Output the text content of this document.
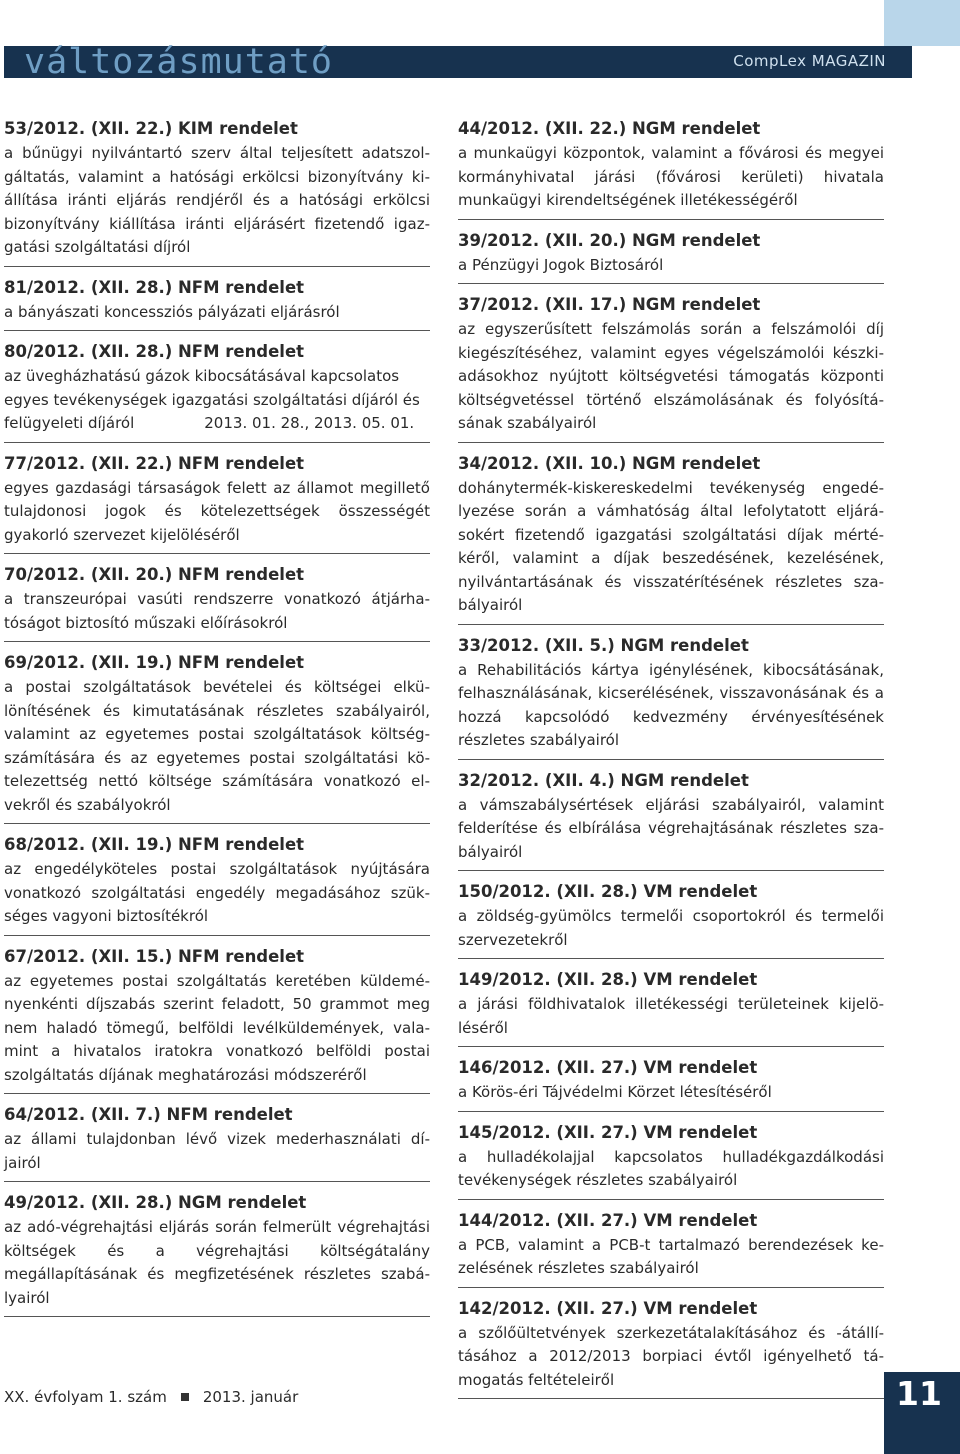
változásmutató	CompLex MAGAZIN

53/2012. (XII. 22.) KIM rendelet

a bűnügyi nyilvántartó szerv által teljesített adatszolgáltatás, valamint a hatósági erkölcsi bizonyítvány kiállítása iránti eljárás rendjéről és a hatósági erkölcsi bizonyítvány kiállítása iránti eljárásért fizetendő igazgatási szolgáltatási díjról

81/2012. (XII. 28.) NFM rendelet

a bányászati koncessziós pályázati eljárásról

80/2012. (XII. 28.) NFM rendelet

az üvegházhatású gázok kibocsátásával kapcsolatos egyes tevékenységek igazgatási szolgáltatási díjáról és felügyeleti díjáról	2013. 01. 28., 2013. 05. 01.

77/2012. (XII. 22.) NFM rendelet

egyes gazdasági társaságok felett az államot megillető tulajdonosi jogok és kötelezettségek összességét gyakorló szervezet kijelöléséről

70/2012. (XII. 20.) NFM rendelet

a transzeurópai vasúti rendszerre vonatkozó átjárhatóságot biztosító műszaki előírásokról

69/2012. (XII. 19.) NFM rendelet

a postai szolgáltatások bevételei és költségei elkülönítésének és kimutatásának részletes szabályairól, valamint az egyetemes postai szolgáltatások költségszámítására és az egyetemes postai szolgáltatási kötelezettség nettó költsége számítására vonatkozó elvekről és szabályokról

68/2012. (XII. 19.) NFM rendelet

az engedélyköteles postai szolgáltatások nyújtására vonatkozó szolgáltatási engedély megadásához szükséges vagyoni biztosítékról

67/2012. (XII. 15.) NFM rendelet

az egyetemes postai szolgáltatás keretében küldeményenkénti díjszabás szerint feladott, 50 grammot meg nem haladó tömegű, belföldi levélküldemények, valamint a hivatalos iratokra vonatkozó belföldi postai szolgáltatás díjának meghatározási módszeréről

64/2012. (XII. 7.) NFM rendelet

az állami tulajdonban lévő vizek mederhasználati díjairól

49/2012. (XII. 28.) NGM rendelet

az adó-végrehajtási eljárás során felmerült végrehajtási költségek és a végrehajtási költségátalány megállapításának és megfizetésének részletes szabályairól

44/2012. (XII. 22.) NGM rendelet

a munkaügyi központok, valamint a fővárosi és megyei kormányhivatal járási (fővárosi kerületi) hivatala munkaügyi kirendeltségének illetékességéről

39/2012. (XII. 20.) NGM rendelet

a Pénzügyi Jogok Biztosáról

37/2012. (XII. 17.) NGM rendelet

az egyszerűsített felszámolás során a felszámolói díj kiegészítéséhez, valamint egyes végelszámolói készkiadásokhoz nyújtott költségvetési támogatás központi költségvetéssel történő elszámolásának és folyósításának szabályairól

34/2012. (XII. 10.) NGM rendelet

dohánytermék-kiskereskedelmi tevékenység engedélyezése során a vámhatóság által lefolytatott eljárásokért fizetendő igazgatási szolgáltatási díjak mértékéről, valamint a díjak beszedésének, kezelésének, nyilvántartásának és visszatérítésének részletes szabályairól

33/2012. (XII. 5.) NGM rendelet

a Rehabilitációs kártya igénylésének, kibocsátásának, felhasználásának, kicserélésének, visszavonásának és a hozzá kapcsolódó kedvezmény érvényesítésének részletes szabályairól

32/2012. (XII. 4.) NGM rendelet

a vámszabálysértések eljárási szabályairól, valamint felderítése és elbírálása végrehajtásának részletes szabályairól

150/2012. (XII. 28.) VM rendelet

a zöldség-gyümölcs termelői csoportokról és termelői szervezetekről

149/2012. (XII. 28.) VM rendelet

a járási földhivatalok illetékességi területeinek kijelöléséről

146/2012. (XII. 27.) VM rendelet

a Körös-éri Tájvédelmi Körzet létesítéséről

145/2012. (XII. 27.) VM rendelet

a hulladékolajjal kapcsolatos hulladékgazdálkodási tevékenységek részletes szabályairól

144/2012. (XII. 27.) VM rendelet

a PCB, valamint a PCB-t tartalmazó berendezések kezelésének részletes szabályairól

142/2012. (XII. 27.) VM rendelet

a szőlőültetvények szerkezetátalakításához és -átállításához a 2012/2013 borpiaci évtől igényelhető támogatás feltételeiről

XX. évfolyam 1. szám 2013. január	11
